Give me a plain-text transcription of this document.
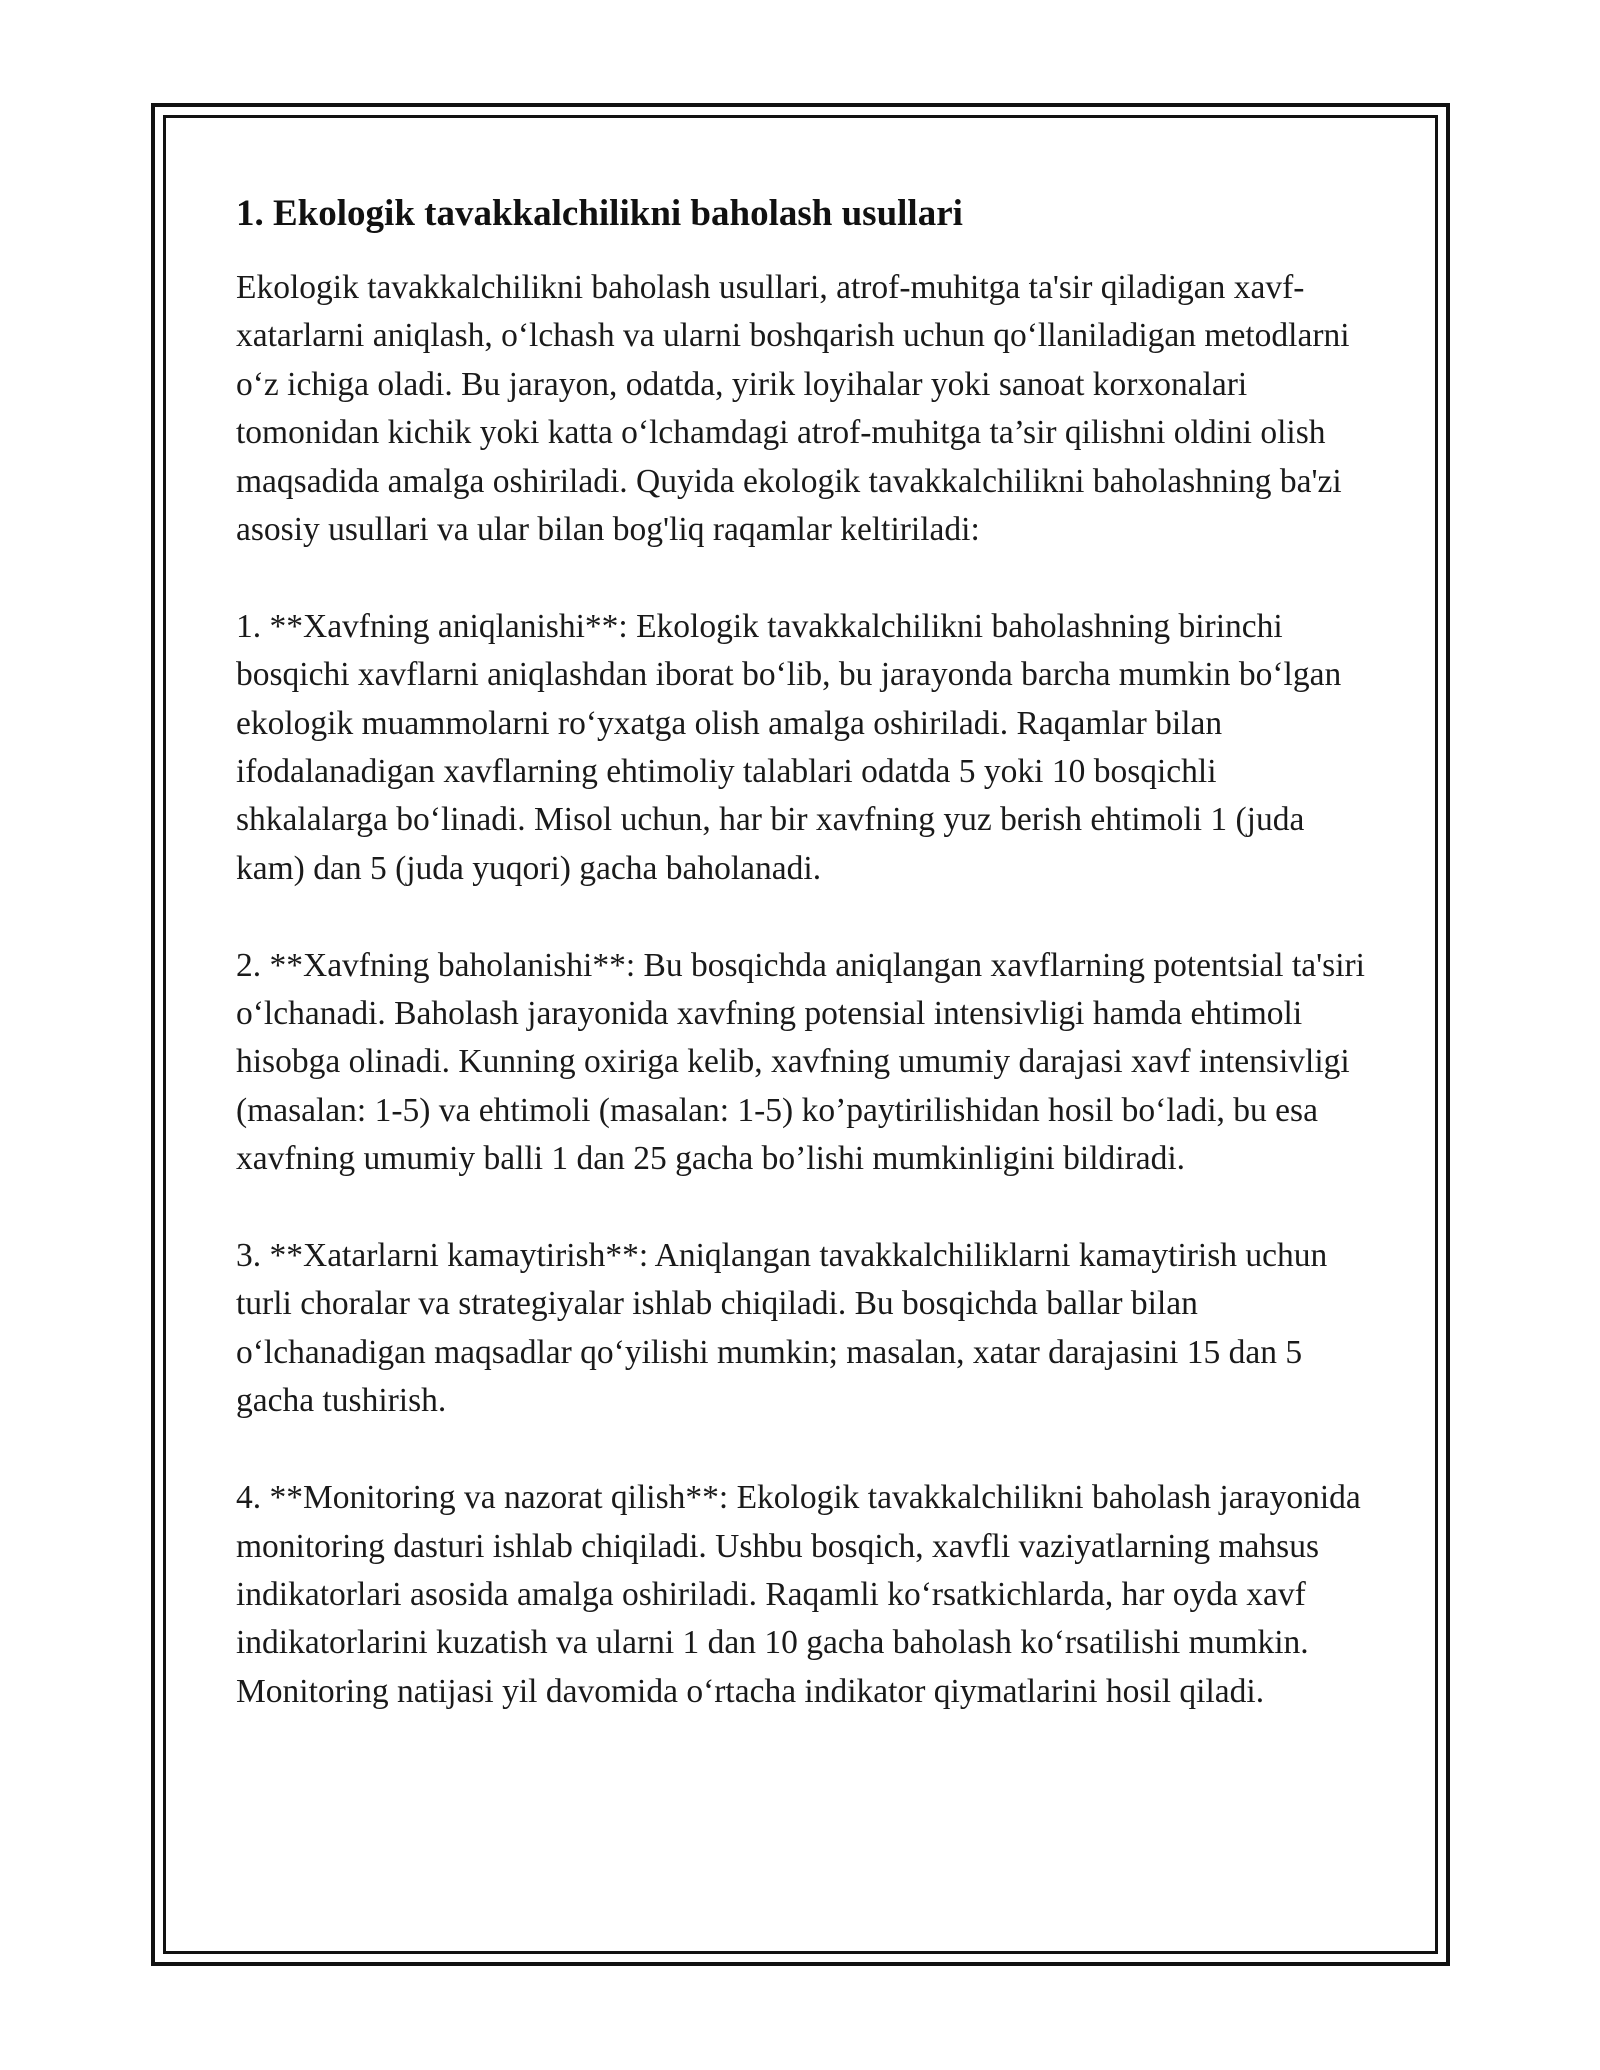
1. Ekologik tavakkalchilikni baholash usullari

Ekologik tavakkalchilikni baholash usullari, atrof-muhitga ta'sir qiladigan xavf-xatarlarni aniqlash, o‘lchash va ularni boshqarish uchun qo‘llaniladigan metodlarni o‘z ichiga oladi. Bu jarayon, odatda, yirik loyihalar yoki sanoat korxonalari tomonidan kichik yoki katta o‘lchamdagi atrof-muhitga ta’sir qilishni oldini olish maqsadida amalga oshiriladi. Quyida ekologik tavakkalchilikni baholashning ba'zi asosiy usullari va ular bilan bog'liq raqamlar keltiriladi:

1. **Xavfning aniqlanishi**: Ekologik tavakkalchilikni baholashning birinchi bosqichi xavflarni aniqlashdan iborat bo‘lib, bu jarayonda barcha mumkin bo‘lgan ekologik muammolarni ro‘yxatga olish amalga oshiriladi. Raqamlar bilan ifodalanadigan xavflarning ehtimoliy talablari odatda 5 yoki 10 bosqichli shkalalarga bo‘linadi. Misol uchun, har bir xavfning yuz berish ehtimoli 1 (juda kam) dan 5 (juda yuqori) gacha baholanadi.

2. **Xavfning baholanishi**: Bu bosqichda aniqlangan xavflarning potentsial ta'siri o‘lchanadi. Baholash jarayonida xavfning potensial intensivligi hamda ehtimoli hisobga olinadi. Kunning oxiriga kelib, xavfning umumiy darajasi xavf intensivligi (masalan: 1-5) va ehtimoli (masalan: 1-5) ko’paytirilishidan hosil bo‘ladi, bu esa xavfning umumiy balli 1 dan 25 gacha bo’lishi mumkinligini bildiradi.

3. **Xatarlarni kamaytirish**: Aniqlangan tavakkalchiliklarni kamaytirish uchun turli choralar va strategiyalar ishlab chiqiladi. Bu bosqichda ballar bilan o‘lchanadigan maqsadlar qo‘yilishi mumkin; masalan, xatar darajasini 15 dan 5 gacha tushirish.

4. **Monitoring va nazorat qilish**: Ekologik tavakkalchilikni baholash jarayonida monitoring dasturi ishlab chiqiladi. Ushbu bosqich, xavfli vaziyatlarning mahsus indikatorlari asosida amalga oshiriladi. Raqamli ko‘rsatkichlarda, har oyda xavf indikatorlarini kuzatish va ularni 1 dan 10 gacha baholash ko‘rsatilishi mumkin. Monitoring natijasi yil davomida o‘rtacha indikator qiymatlarini hosil qiladi.
